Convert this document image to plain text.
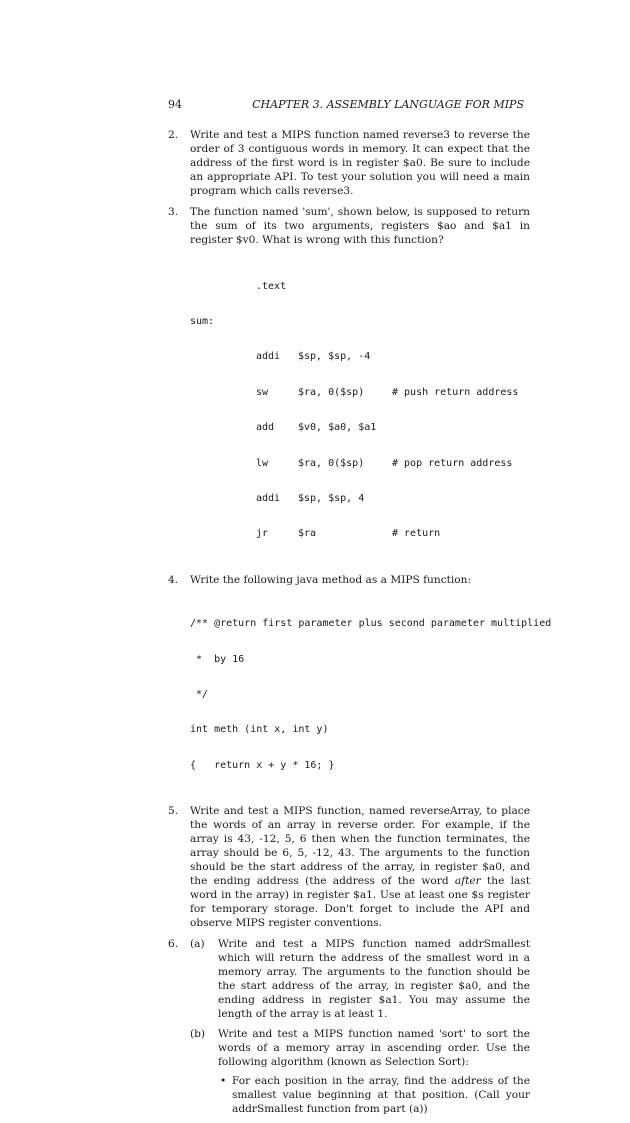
94	CHAPTER 3. ASSEMBLY LANGUAGE FOR MIPS
2. Write and test a MIPS function named reverse3 to reverse the order of 3 contiguous words in memory. It can expect that the address of the first word is in register $a0. Be sure to include an appropriate API. To test your solution you will need a main program which calls reverse3.
3. The function named 'sum', shown below, is supposed to return the sum of its two arguments, registers $ao and $a1 in register $v0. What is wrong with this function?

.text

sum:

addi	$sp, $sp, -4

sw	$ra, 0($sp)	# push return address

add	$v0, $a0, $a1

lw	$ra, 0($sp)	# pop return address

addi	$sp, $sp, 4

jr	$ra	# return

4. Write the following java method as a MIPS function:

/** @return first parameter plus second parameter multiplied

*  by 16

*/

int meth (int x, int y)

{   return x + y * 16; }

5. Write and test a MIPS function, named reverseArray, to place the words of an array in reverse order. For example, if the array is 43, -12, 5, 6 then when the function terminates, the array should be 6, 5, -12, 43. The arguments to the function should be the start address of the array, in register $a0, and the ending address (the address of the word after the last word in the array) in register $a1. Use at least one $s register for temporary storage. Don't forget to include the API and observe MIPS register conventions.
6. (a) Write and test a MIPS function named addrSmallest which will return the address of the smallest word in a memory array. The arguments to the function should be the start address of the array, in register $a0, and the ending address in register $a1. You may assume the length of the array is at least 1.
(b) Write and test a MIPS function named 'sort' to sort the words of a memory array in ascending order. Use the following algorithm (known as Selection Sort):
• For each position in the array, find the address of the smallest value beginning at that position. (Call your addrSmallest function from part (a))
